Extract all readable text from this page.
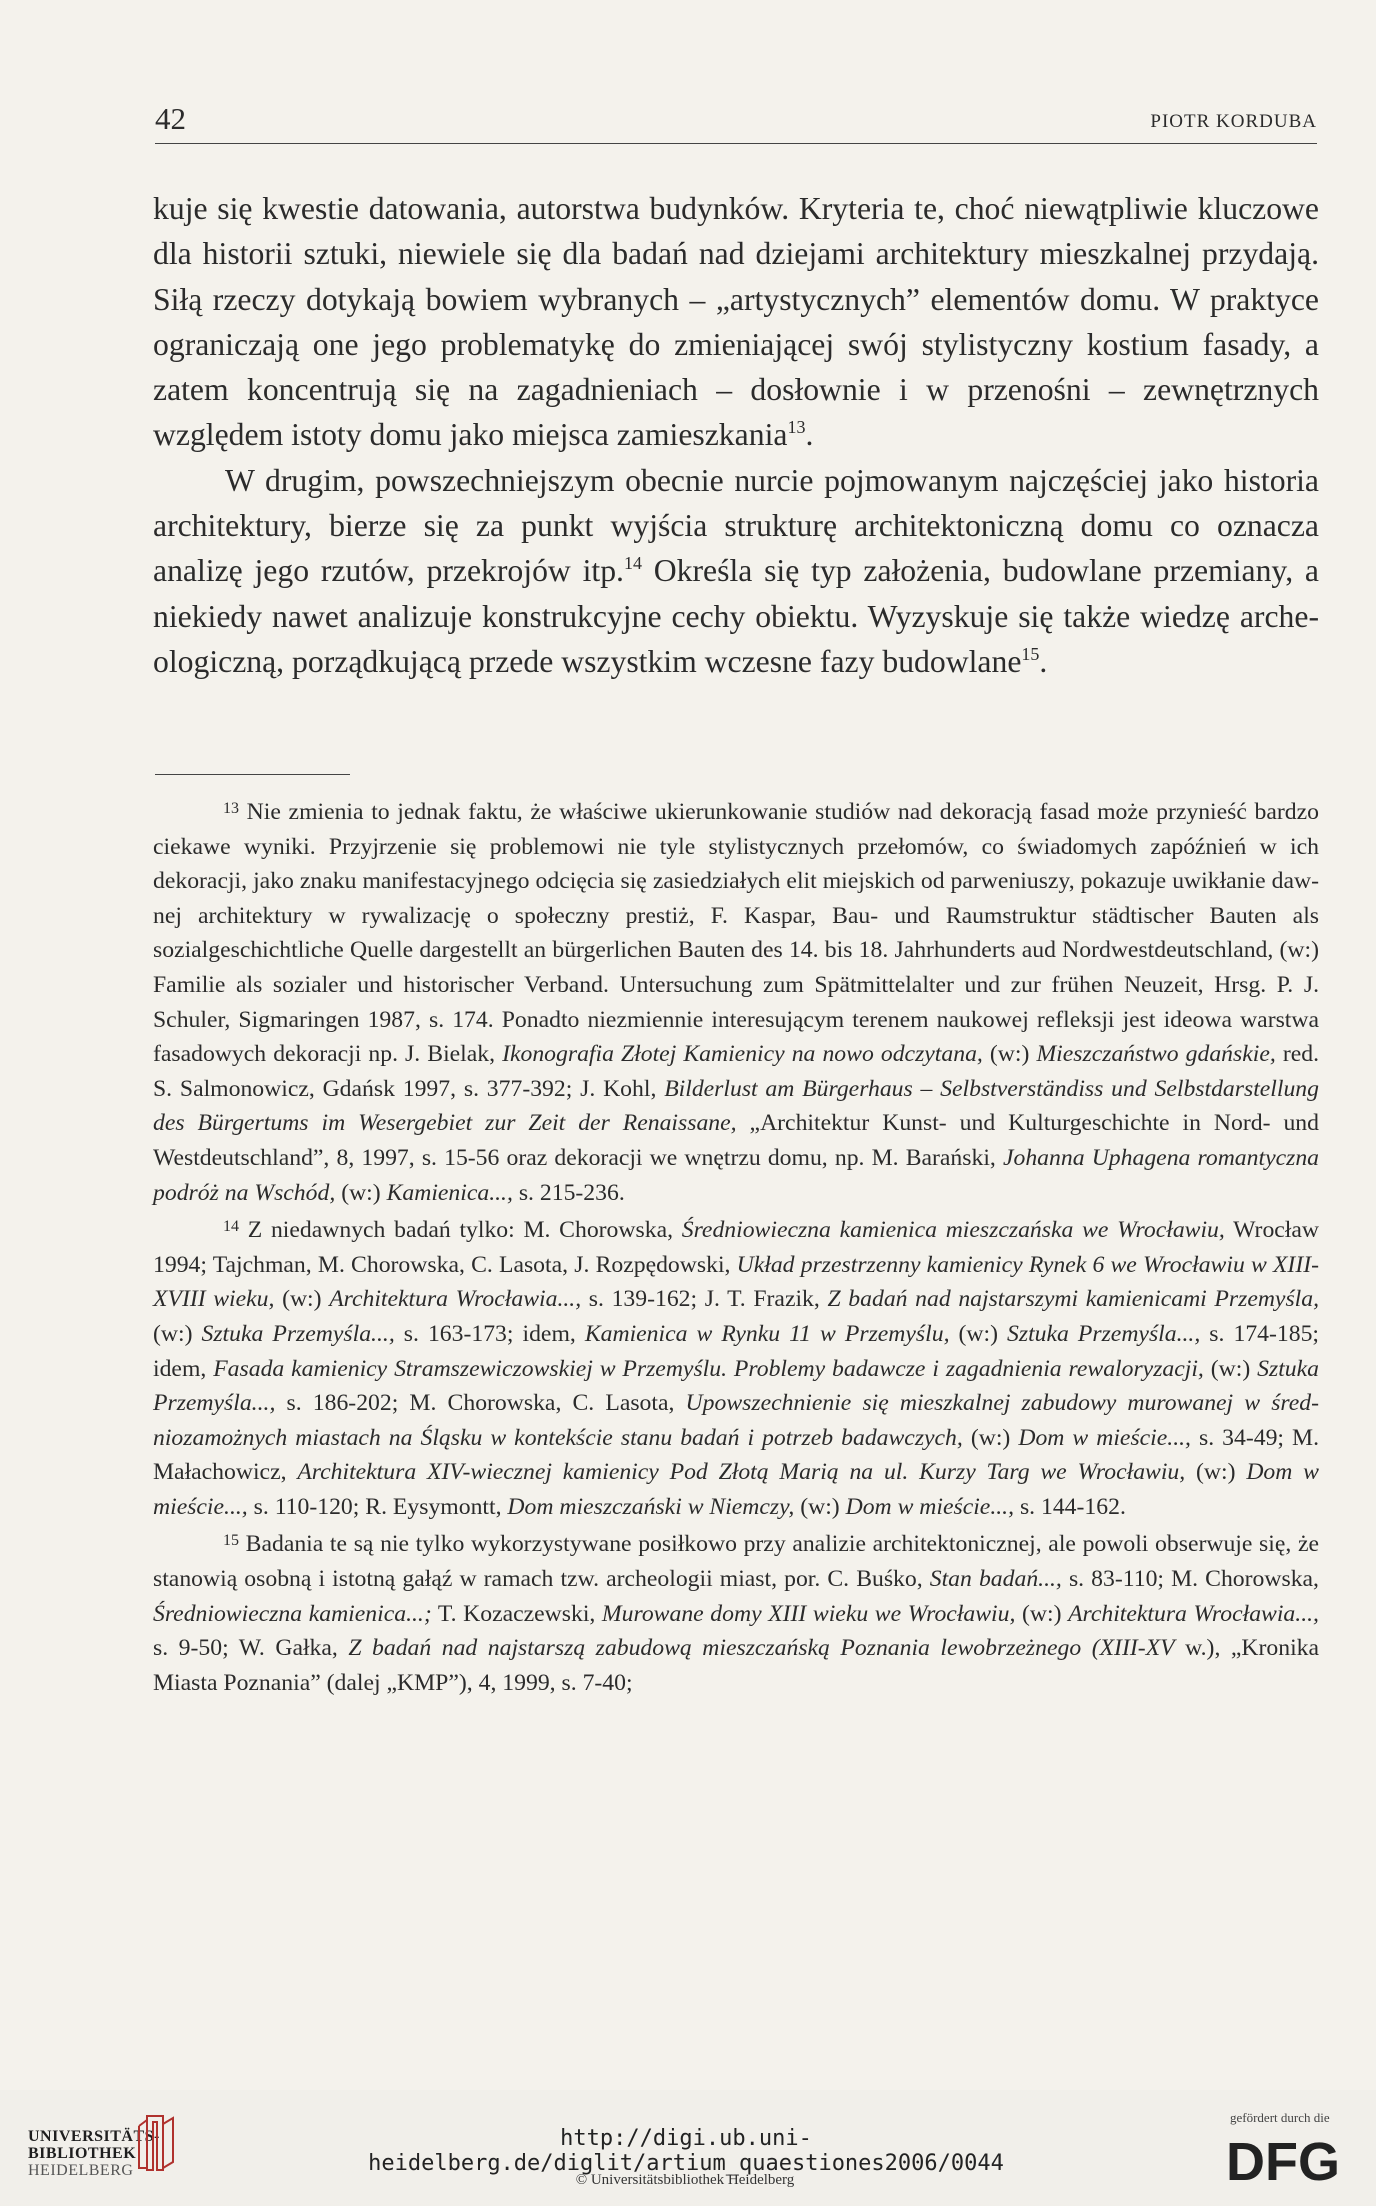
42	PIOTR KORDUBA

kuje się kwestie datowania, autorstwa budynków. Kryteria te, choć niewątpliwie kluczowe dla historii sztuki, niewiele się dla badań nad dziejami architektury mieszkalnej przydają. Siłą rzeczy dotykają bowiem wybranych – „artystycznych” elementów domu. W praktyce ograniczają one jego problematykę do zmieniającej swój stylistyczny kostium fasady, a zatem koncentrują się na zagadnieniach – dosłownie i w przenośni – zewnętrznych względem istoty domu jako miejsca zamieszkania$^{13}$.

W drugim, powszechniejszym obecnie nurcie pojmowanym najczęściej jako historia architektury, bierze się za punkt wyjścia strukturę architektoniczną domu co oznacza analizę jego rzutów, przekrojów itp.$^{14}$ Określa się typ założenia, budowlane przemiany, a niekiedy nawet analizuje konstrukcyjne cechy obiektu. Wyzyskuje się także wiedzę archeologiczną, porządkującą przede wszystkim wczesne fazy budowlane$^{15}$.

$^{13}$ Nie zmienia to jednak faktu, że właściwe ukierunkowanie studiów nad dekoracją fasad może przynieść bardzo ciekawe wyniki. Przyjrzenie się problemowi nie tyle stylistycznych przełomów, co świadomych zapóźnień w ich dekoracji, jako znaku manifestacyjnego odcięcia się zasiedziałych elit miejskich od parweniuszy, pokazuje uwikłanie dawnej architektury w rywalizację o społeczny prestiż, F. Kaspar, Bau- und Raumstruktur städtischer Bauten als sozialgeschichtliche Quelle dargestellt an bürgerlichen Bauten des 14. bis 18. Jahrhunderts aud Nordwestdeutschland, (w:) Familie als sozialer und historischer Verband. Untersuchung zum Spätmittelalter und zur frühen Neuzeit, Hrsg. P. J. Schuler, Sigmaringen 1987, s. 174. Ponadto niezmiennie interesującym terenem naukowej refleksji jest ideowa warstwa fasadowych dekoracji np. J. Bielak, Ikonografia Złotej Kamienicy na nowo odczytana, (w:) Mieszczaństwo gdańskie, red. S. Salmonowicz, Gdańsk 1997, s. 377-392; J. Kohl, Bilderlust am Bürgerhaus – Selbstverständiss und Selbstdarstellung des Bürgertums im Wesergebiet zur Zeit der Renaissane, „Architektur Kunst- und Kulturgeschichte in Nord- und Westdeutschland”, 8, 1997, s. 15-56 oraz dekoracji we wnętrzu domu, np. M. Barański, Johanna Uphagena romantyczna podróż na Wschód, (w:) Kamienica..., s. 215-236.

$^{14}$ Z niedawnych badań tylko: M. Chorowska, Średniowieczna kamienica mieszczańska we Wrocławiu, Wrocław 1994; Tajchman, M. Chorowska, C. Lasota, J. Rozpędowski, Układ przestrzenny kamienicy Rynek 6 we Wrocławiu w XIII-XVIII wieku, (w:) Architektura Wrocławia..., s. 139-162; J. T. Frazik, Z badań nad najstarszymi kamienicami Przemyśla, (w:) Sztuka Przemyśla..., s. 163-173; idem, Kamienica w Rynku 11 w Przemyślu, (w:) Sztuka Przemyśla..., s. 174-185; idem, Fasada kamienicy Stramszewiczowskiej w Przemyślu. Problemy badawcze i zagadnienia rewaloryzacji, (w:) Sztuka Przemyśla..., s. 186-202; M. Chorowska, C. Lasota, Upowszechnienie się mieszkalnej zabudowy murowanej w średniozamożnych miastach na Śląsku w kontekście stanu badań i potrzeb badawczych, (w:) Dom w mieście..., s. 34-49; M. Małachowicz, Architektura XIV-wiecznej kamienicy Pod Złotą Marią na ul. Kurzy Targ we Wrocławiu, (w:) Dom w mieście..., s. 110-120; R. Eysymontt, Dom mieszczański w Niemczy, (w:) Dom w mieście..., s. 144-162.

$^{15}$ Badania te są nie tylko wykorzystywane posiłkowo przy analizie architektonicznej, ale powoli obserwuje się, że stanowią osobną i istotną gałąź w ramach tzw. archeologii miast, por. C. Buśko, Stan badań..., s. 83-110; M. Chorowska, Średniowieczna kamienica...; T. Kozaczewski, Murowane domy XIII wieku we Wrocławiu, (w:) Architektura Wrocławia..., s. 9-50; W. Gałka, Z badań nad najstarszą zabudową mieszczańską Poznania lewobrzeżnego (XIII-XV w.), „Kronika Miasta Poznania” (dalej „KMP”), 4, 1999, s. 7-40;

UNIVERSITÄTS-
BIBLIOTHEK
HEIDELBERG
http://digi.ub.uni-heidelberg.de/diglit/artium_quaestiones2006/0044
© Universitätsbibliothek Heidelberg
gefördert durch die
DFG
